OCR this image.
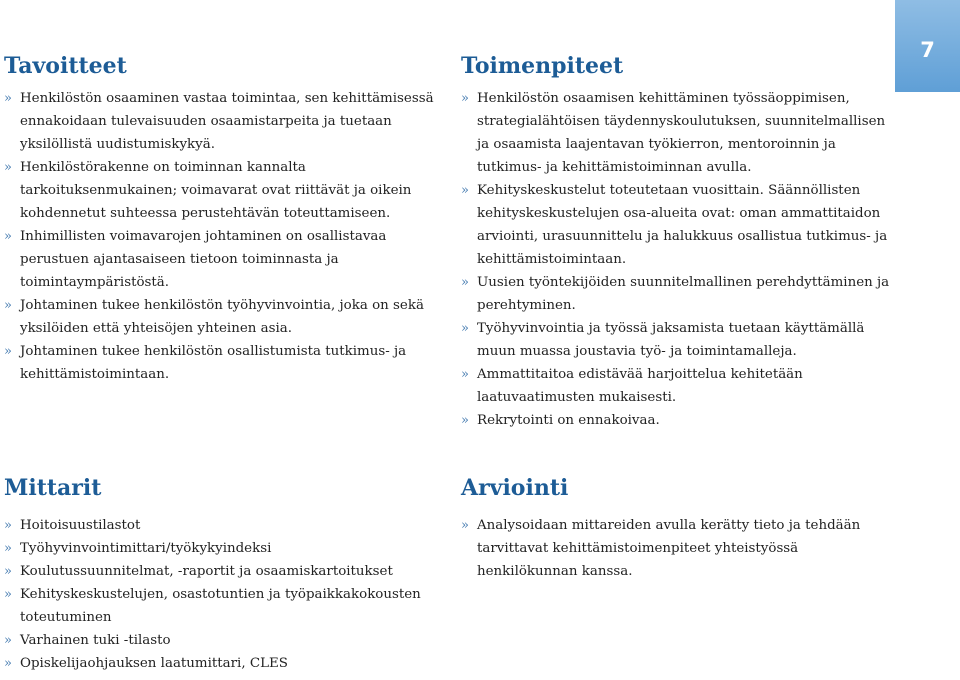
7
Tavoitteet
» Henkilöstön osaaminen vastaa toimintaa, sen kehittämisessä ennakoidaan tulevaisuuden osaamistarpeita ja tuetaan yksilöllistä uudistumiskykyä.
» Henkilöstörakenne on toiminnan kannalta tarkoituksenmukainen; voimavarat ovat riittävät ja oikein kohdennetut suhteessa perustehtävän toteuttamiseen.
» Inhimillisten voimavarojen johtaminen on osallistavaa perustuen ajantasaiseen tietoon toiminnasta ja toimintaympäristöstä.
» Johtaminen tukee henkilöstön työhyvinvointia, joka on sekä yksilöiden että yhteisöjen yhteinen asia.
» Johtaminen tukee henkilöstön osallistumista tutkimus- ja kehittämistoimintaan.
Toimenpiteet
» Henkilöstön osaamisen kehittäminen työssäoppimisen, strategialähtöisen täydennyskoulutuksen, suunnitelmallisen ja osaamista laajentavan työkierron, mentoroinnin ja tutkimus- ja kehittämistoiminnan avulla.
» Kehityskeskustelut toteutetaan vuosittain. Säännöllisten kehityskeskustelujen osa-alueita ovat: oman ammattitaidon arviointi, urasuunnittelu ja halukkuus osallistua tutkimus- ja kehittämistoimintaan.
» Uusien työntekijöiden suunnitelmallinen perehdyttäminen ja perehtyminen.
» Työhyvinvointia ja työssä jaksamista tuetaan käyttämällä muun muassa joustavia työ- ja toimintamalleja.
» Ammattitaitoa edistävää harjoittelua kehitetään laatuvaatimusten mukaisesti.
» Rekrytointi on ennakoivaa.
Mittarit
» Hoitoisuustilastot
» Työhyvinvointimittari/työkykyindeksi
» Koulutussuunnitelmat, -raportit ja osaamiskartoitukset
» Kehityskeskustelujen, osastotuntien ja työpaikkakokousten toteutuminen
» Varhainen tuki -tilasto
» Opiskelijaohjauksen laatumittari, CLES
Arviointi
» Analysoidaan mittareiden avulla kerätty tieto ja tehdään tarvittavat kehittämistoimenpiteet yhteistyössä henkilökunnan kanssa.
